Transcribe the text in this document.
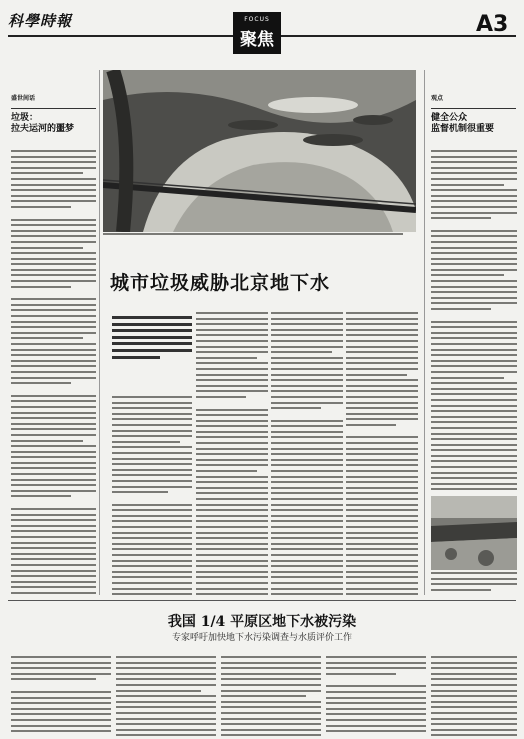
科學時報	FOCUS
聚焦
A3
盛世间话
垃圾：
拉夫运河的噩梦
城市垃圾威胁北京地下水
观点
健全公众
监督机制很重要
我国 1/4 平原区地下水被污染
专家呼吁加快地下水污染调查与水质评价工作
